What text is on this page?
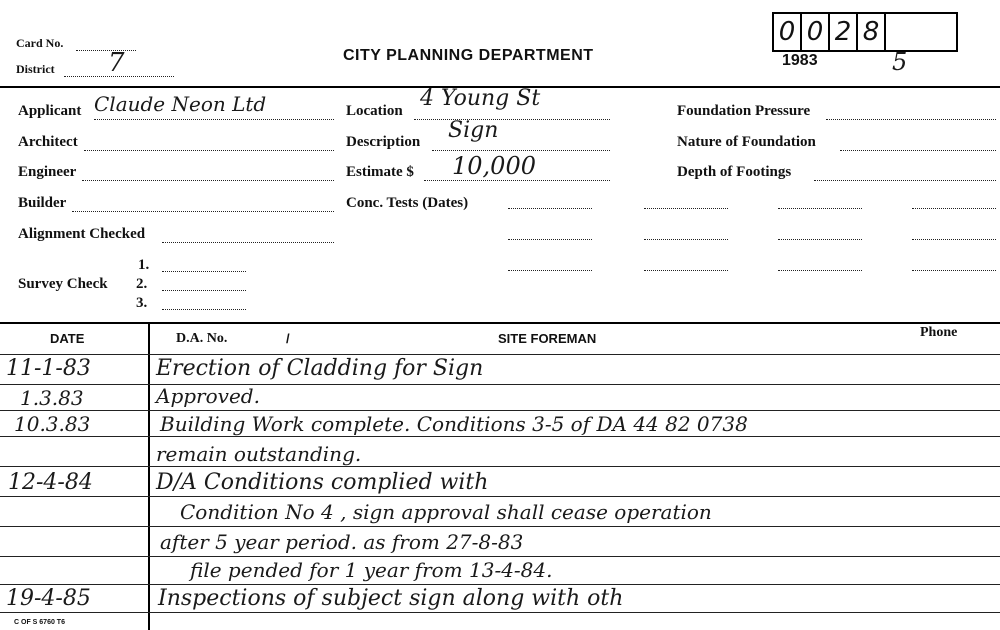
Card No.
District 7	CITY PLANNING DEPARTMENT
0 0 2 8
1983	5
Applicant Claude Neon Ltd
Architect
Engineer
Builder
Alignment Checked
Survey Check
1.
2.
3.
Location 4 Young St
Description Sign
Estimate $ 10,000
Conc. Tests (Dates)
Foundation Pressure
Nature of Foundation
Depth of Footings
DATE	D.A. No.	/	SITE FOREMAN	Phone
11-1-83	Erection of Cladding for Sign
1.3.83	Approved.
10.3.83	Building Work complete. Conditions 3-5 of DA 44 82 0738
remain outstanding.
12-4-84	D/A Conditions complied with
Condition No 4 , sign approval shall cease operation
after 5 year period. as from 27-8-83
file pended for 1 year from 13-4-84.
19-4-85	Inspections of subject sign along with oth
C OF S 6760 T6
